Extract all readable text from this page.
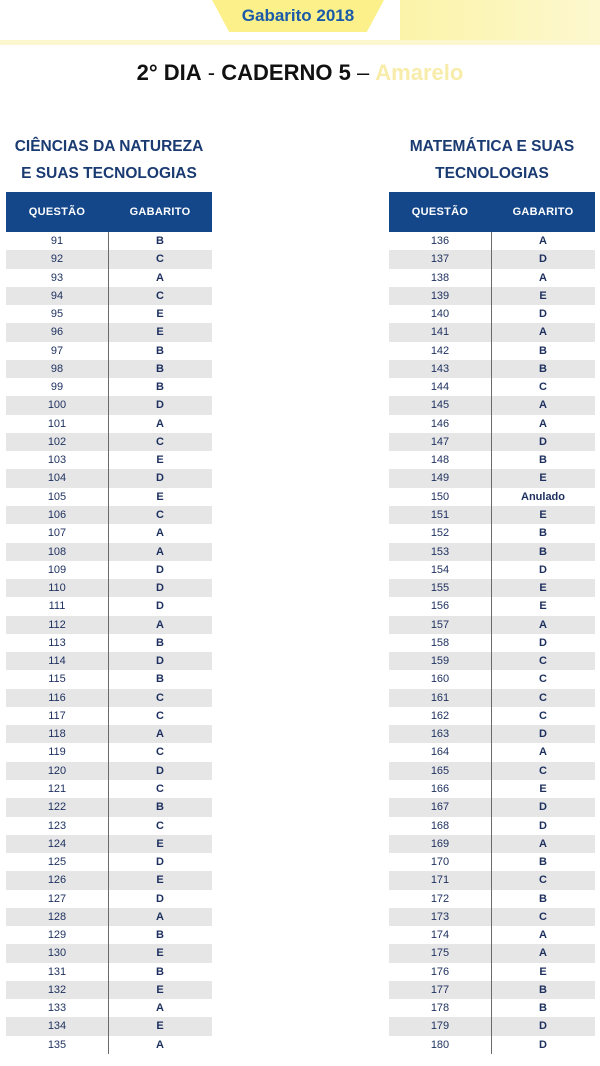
Gabarito 2018
2° DIA - CADERNO 5 – Amarelo
CIÊNCIAS DA NATUREZA
E SUAS TECNOLOGIAS
QUESTÃO	GABARITO
91	B
92	C
93	A
94	C
95	E
96	E
97	B
98	B
99	B
100	D
101	A
102	C
103	E
104	D
105	E
106	C
107	A
108	A
109	D
110	D
111	D
112	A
113	B
114	D
115	B
116	C
117	C
118	A
119	C
120	D
121	C
122	B
123	C
124	E
125	D
126	E
127	D
128	A
129	B
130	E
131	B
132	E
133	A
134	E
135	A
MATEMÁTICA E SUAS
TECNOLOGIAS
QUESTÃO	GABARITO
136	A
137	D
138	A
139	E
140	D
141	A
142	B
143	B
144	C
145	A
146	A
147	D
148	B
149	E
150	Anulado
151	E
152	B
153	B
154	D
155	E
156	E
157	A
158	D
159	C
160	C
161	C
162	C
163	D
164	A
165	C
166	E
167	D
168	D
169	A
170	B
171	C
172	B
173	C
174	A
175	A
176	E
177	B
178	B
179	D
180	D
